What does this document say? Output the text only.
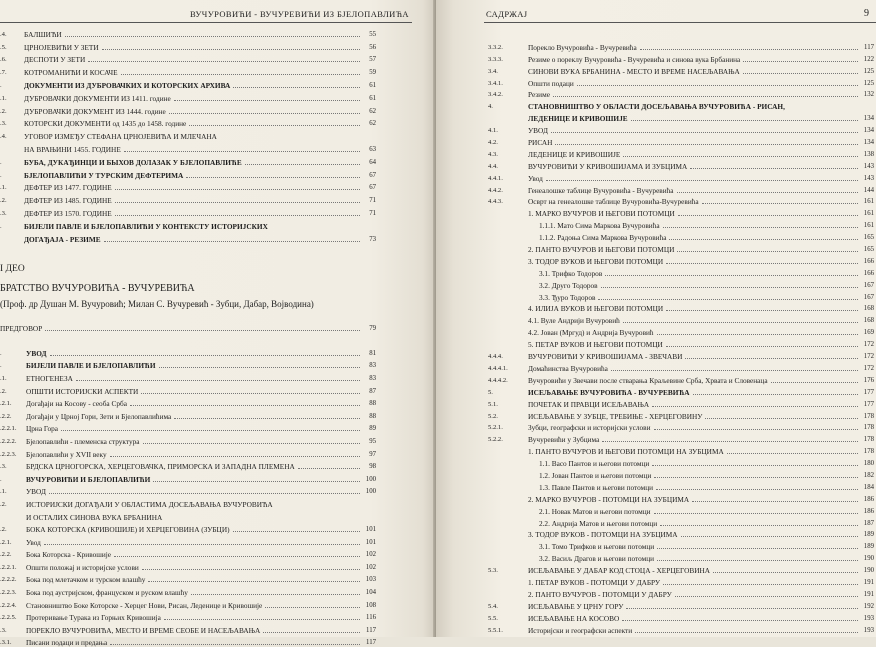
ВУЧУРОВИЋИ - ВУЧУРЕВИЋИ ИЗ БЈЕЛОПАВЛИЋА
.4.	БАЛШИЋИ	55
.5.	ЦРНОЈЕВИЋИ У ЗЕТИ	56
.6.	ДЕСПОТИ У ЗЕТИ	57
.7.	КОТРОМАНИЋИ И КОСАЧЕ	59
.	ДОКУМЕНТИ ИЗ ДУБРОВАЧКИХ И КОТОРСКИХ АРХИВА	61
.1.	ДУБРОВАЧКИ ДОКУМЕНТИ ИЗ 1411. године	61
.2.	ДУБРОВАЧКИ ДОКУМЕНТ ИЗ 1444. године	62
.3.	КОТОРСКИ ДОКУМЕНТИ од 1435 до 1458. године	62
.4.	УГОВОР ИЗМЕЂУ СТЕФАНА ЦРНОЈЕВИЋА И МЛЕЧАНА
НА ВРАЊИНИ 1455. ГОДИНЕ	63
.	БУБА, ДУКАЂИНЦИ И БЫХОВ ДОЛАЗАК У БЈЕЛОПАВЛИЋЕ	64
.	БЈЕЛОПАВЛИЋИ У ТУРСКИМ ДЕФТЕРИМА	67
.1.	ДЕФТЕР ИЗ 1477. ГОДИНЕ	67
.2.	ДЕФТЕР ИЗ 1485. ГОДИНЕ	71
.3.	ДЕФТЕР ИЗ 1570. ГОДИНЕ	71
.	БИЈЕЛИ ПАВЛЕ И БЈЕЛОПАВЛИЋИ У КОНТЕКСТУ ИСТОРИЈСКИХ
ДОГАЂАЈА - РЕЗИМЕ	73
I ДЕО
БРАТСТВО ВУЧУРОВИЋА - ВУЧУРЕВИЋА
(Проф. др Душан М. Вучуровић; Милан С. Вучуревић - Зубци, Дабар, Војводина)
ПРЕДГОВОР	79
.	УВОД	81
.	БИЈЕЛИ ПАВЛЕ И БЈЕЛОПАВЛИЋИ	83
.1.	ЕТНОГЕНЕЗА	83
.2.	ОПШТИ ИСТОРИЈСКИ АСПЕКТИ	87
.2.1.	Догађаји на Косову - сеоба Срба	88
.2.2.	Догађаји у Црној Гори, Зети и Бјелопавлићима	88
.2.2.1.	Црна Гора	89
.2.2.2.	Бјелопавлићи - племенска структура	95
.2.2.3.	Бјелопавлићи у XVII веку	97
.3.	БРДСКА ЦРНОГОРСКА, ХЕРЦЕГОВАЧКА, ПРИМОРСКА И ЗАПАДНА ПЛЕМЕНА	98
.	ВУЧУРОВИЋИ И БЈЕЛОПАВЛИЋИ	100
.1.	УВОД	100
.2.	ИСТОРИЈСКИ ДОГАЂАЈИ У ОБЛАСТИМА ДОСЕЉАВАЊА ВУЧУРОВИЋА
И ОСТАЛИХ СИНОВА ВУКА БРБАНИНА
.2.	БОКА КОТОРСКА (КРИВОШИЈЕ) И ХЕРЦЕГОВИНА (ЗУБЦИ)	101
.2.1.	Увод	101
.2.2.	Бока Которска - Кривошије	102
.2.2.1.	Општи положај и историјске услови	102
.2.2.2.	Бока под млетачком и турском влашћу	103
.2.2.3.	Бока под аустријском, француском и руском влашћу	104
.2.2.4.	Становништво Боке Которске - Херцег Нови, Рисан, Леденице и Кривошије	108
.2.2.5.	Протеривање Турака из Горњих Кривошија	116
.3.	ПОРЕКЛО ВУЧУРОВИЋА, МЕСТО И ВРЕМЕ СЕОБЕ И НАСЕЉАВАЊА	117
.3.1.	Писани подаци и предања	117
САДРЖАЈ	9
3.3.2.	Порекло Вучуровића - Вучуревића	117
3.3.3.	Резиме о пореклу Вучуровића - Вучуревића и синова вука Брбанина	122
3.4.	СИНОВИ ВУКА БРБАНИНА - МЕСТО И ВРЕМЕ НАСЕЉАВАЊА	125
3.4.1.	Општи подаци	125
3.4.2.	Резиме	132
4.	СТАНОВНИШТВО У ОБЛАСТИ ДОСЕЉАВАЊА ВУЧУРОВИЋА - РИСАН,
ЛЕДЕНИЦЕ И КРИВОШИЈЕ	134
4.1.	УВОД	134
4.2.	РИСАН	134
4.3.	ЛЕДЕНИЦЕ И КРИВОШИЈЕ	138
4.4.	ВУЧУРОВИЋИ У КРИВОШИЈАМА И ЗУБЦИМА	143
4.4.1.	Увод	143
4.4.2.	Генеалошке таблице Вучуровића - Вучуревића	144
4.4.3.	Осврт на генеалошке таблице Вучуровића-Вучуревића	161
1. МАРКО ВУЧУРОВ И ЊЕГОВИ ПОТОМЦИ	161
1.1.1. Мато Сима Маркова Вучуровића	161
1.1.2. Радоња Сима Маркова Вучуровића	165
2. ПАНТО ВУЧУРОВ И ЊЕГОВИ ПОТОМЦИ	165
3. ТОДОР ВУКОВ И ЊЕГОВИ ПОТОМЦИ	166
3.1. Трифко Тодоров	166
3.2. Друго Тодоров	167
3.3. Ђуро Тодоров	167
4. ИЛИЈА ВУКОВ И ЊЕГОВИ ПОТОМЦИ	168
4.1. Вуле Андрији Вучуровић	168
4.2. Јован (Мргуд) и Андрија Вучуровић	169
5. ПЕТАР ВУКОВ И ЊЕГОВИ ПОТОМЦИ	172
4.4.4.	ВУЧУРОВИЋИ У КРИВОШИЈАМА - ЗВЕЧАВИ	172
4.4.4.1.	Домаћинства Вучуровића	172
4.4.4.2.	Вучуровићи у Звечави после стварања Краљевине Срба, Хрвата и Словенаца	176
5.	ИСЕЉАВАЊЕ ВУЧУРОВИЋА - ВУЧУРЕВИЋА	177
5.1.	ПОЧЕТАК И ПРАВЦИ ИСЕЉАВАЊА	177
5.2.	ИСЕЉАВАЊЕ У ЗУБЦЕ, ТРЕБИЊЕ - ХЕРЦЕГОВИНУ	178
5.2.1.	Зубци, географски и историјски услови	178
5.2.2.	Вучуревићи у Зубцима	178
1. ПАНТО ВУЧУРОВ И ЊЕГОВИ ПОТОМЦИ НА ЗУБЦИМА	178
1.1. Васо Пантов и његови потомци	180
1.2. Јован Пантов и његови потомци	182
1.3. Павле Пантов и његови потомци	184
2. МАРКО ВУЧУРОВ - ПОТОМЦИ НА ЗУБЦИМА	186
2.1. Новак Матов и његови потомци	186
2.2. Андрија Матов и његови потомци	187
3. ТОДОР ВУКОВ - ПОТОМЦИ НА ЗУБЦИМА	189
3.1. Томо Трифков и његови потомци	189
3.2. Васиљ Драгов и његови потомци	190
5.3.	ИСЕЉАВАЊЕ У ДАБАР КОД СТОЦА - ХЕРЦЕГОВИНА	190
1. ПЕТАР ВУКОВ - ПОТОМЦИ У ДАБРУ	191
2. ПАНТО ВУЧУРОВ - ПОТОМЦИ У ДАБРУ	191
5.4.	ИСЕЉАВАЊЕ У ЦРНУ ГОРУ	192
5.5.	ИСЕЉАВАЊЕ НА КОСОВО	193
5.5.1.	Историјски и географски аспекти	193
